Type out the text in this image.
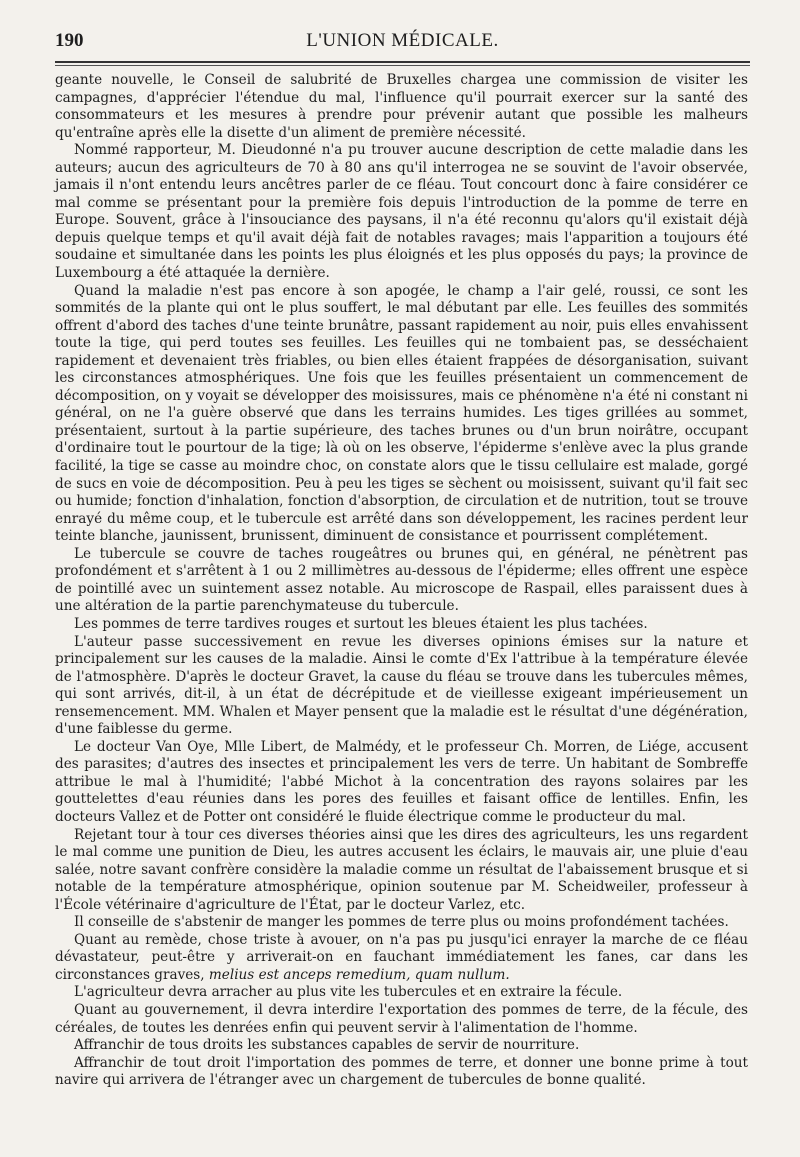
190	L'UNION MÉDICALE.

geante nouvelle, le Conseil de salubrité de Bruxelles chargea une commission de visiter les campagnes, d'apprécier l'étendue du mal, l'influence qu'il pourrait exercer sur la santé des consommateurs et les mesures à prendre pour prévenir autant que possible les malheurs qu'entraîne après elle la disette d'un aliment de première nécessité.

Nommé rapporteur, M. Dieudonné n'a pu trouver aucune description de cette maladie dans les auteurs; aucun des agriculteurs de 70 à 80 ans qu'il interrogea ne se souvint de l'avoir observée, jamais il n'ont entendu leurs ancêtres parler de ce fléau. Tout concourt donc à faire considérer ce mal comme se présentant pour la première fois depuis l'introduction de la pomme de terre en Europe. Souvent, grâce à l'insouciance des paysans, il n'a été reconnu qu'alors qu'il existait déjà depuis quelque temps et qu'il avait déjà fait de notables ravages; mais l'apparition a toujours été soudaine et simultanée dans les points les plus éloignés et les plus opposés du pays; la province de Luxembourg a été attaquée la dernière.

Quand la maladie n'est pas encore à son apogée, le champ a l'air gelé, roussi, ce sont les sommités de la plante qui ont le plus souffert, le mal débutant par elle. Les feuilles des sommités offrent d'abord des taches d'une teinte brunâtre, passant rapidement au noir, puis elles envahissent toute la tige, qui perd toutes ses feuilles. Les feuilles qui ne tombaient pas, se desséchaient rapidement et devenaient très friables, ou bien elles étaient frappées de désorganisation, suivant les circonstances atmosphériques. Une fois que les feuilles présentaient un commencement de décomposition, on y voyait se développer des moisissures, mais ce phénomène n'a été ni constant ni général, on ne l'a guère observé que dans les terrains humides. Les tiges grillées au sommet, présentaient, surtout à la partie supérieure, des taches brunes ou d'un brun noirâtre, occupant d'ordinaire tout le pourtour de la tige; là où on les observe, l'épiderme s'enlève avec la plus grande facilité, la tige se casse au moindre choc, on constate alors que le tissu cellulaire est malade, gorgé de sucs en voie de décomposition. Peu à peu les tiges se sèchent ou moisissent, suivant qu'il fait sec ou humide; fonction d'inhalation, fonction d'absorption, de circulation et de nutrition, tout se trouve enrayé du même coup, et le tubercule est arrêté dans son développement, les racines perdent leur teinte blanche, jaunissent, brunissent, diminuent de consistance et pourrissent complétement.

Le tubercule se couvre de taches rougeâtres ou brunes qui, en général, ne pénètrent pas profondément et s'arrêtent à 1 ou 2 millimètres au-dessous de l'épiderme; elles offrent une espèce de pointillé avec un suintement assez notable. Au microscope de Raspail, elles paraissent dues à une altération de la partie parenchymateuse du tubercule.

Les pommes de terre tardives rouges et surtout les bleues étaient les plus tachées.

L'auteur passe successivement en revue les diverses opinions émises sur la nature et principalement sur les causes de la maladie. Ainsi le comte d'Ex l'attribue à la température élevée de l'atmosphère. D'après le docteur Gravet, la cause du fléau se trouve dans les tubercules mêmes, qui sont arrivés, dit-il, à un état de décrépitude et de vieillesse exigeant impérieusement un rensemencement. MM. Whalen et Mayer pensent que la maladie est le résultat d'une dégénération, d'une faiblesse du germe.

Le docteur Van Oye, Mlle Libert, de Malmédy, et le professeur Ch. Morren, de Liége, accusent des parasites; d'autres des insectes et principalement les vers de terre. Un habitant de Sombreffe attribue le mal à l'humidité; l'abbé Michot à la concentration des rayons solaires par les gouttelettes d'eau réunies dans les pores des feuilles et faisant office de lentilles. Enfin, les docteurs Vallez et de Potter ont considéré le fluide électrique comme le producteur du mal.

Rejetant tour à tour ces diverses théories ainsi que les dires des agriculteurs, les uns regardent le mal comme une punition de Dieu, les autres accusent les éclairs, le mauvais air, une pluie d'eau salée, notre savant confrère considère la maladie comme un résultat de l'abaissement brusque et si notable de la température atmosphérique, opinion soutenue par M. Scheidweiler, professeur à l'École vétérinaire d'agriculture de l'État, par le docteur Varlez, etc.

Il conseille de s'abstenir de manger les pommes de terre plus ou moins profondément tachées.

Quant au remède, chose triste à avouer, on n'a pas pu jusqu'ici enrayer la marche de ce fléau dévastateur, peut-être y arriverait-on en fauchant immédiatement les fanes, car dans les circonstances graves, melius est anceps remedium, quam nullum.

L'agriculteur devra arracher au plus vite les tubercules et en extraire la fécule.

Quant au gouvernement, il devra interdire l'exportation des pommes de terre, de la fécule, des céréales, de toutes les denrées enfin qui peuvent servir à l'alimentation de l'homme.

Affranchir de tous droits les substances capables de servir de nourriture.

Affranchir de tout droit l'importation des pommes de terre, et donner une bonne prime à tout navire qui arrivera de l'étranger avec un chargement de tubercules de bonne qualité.
